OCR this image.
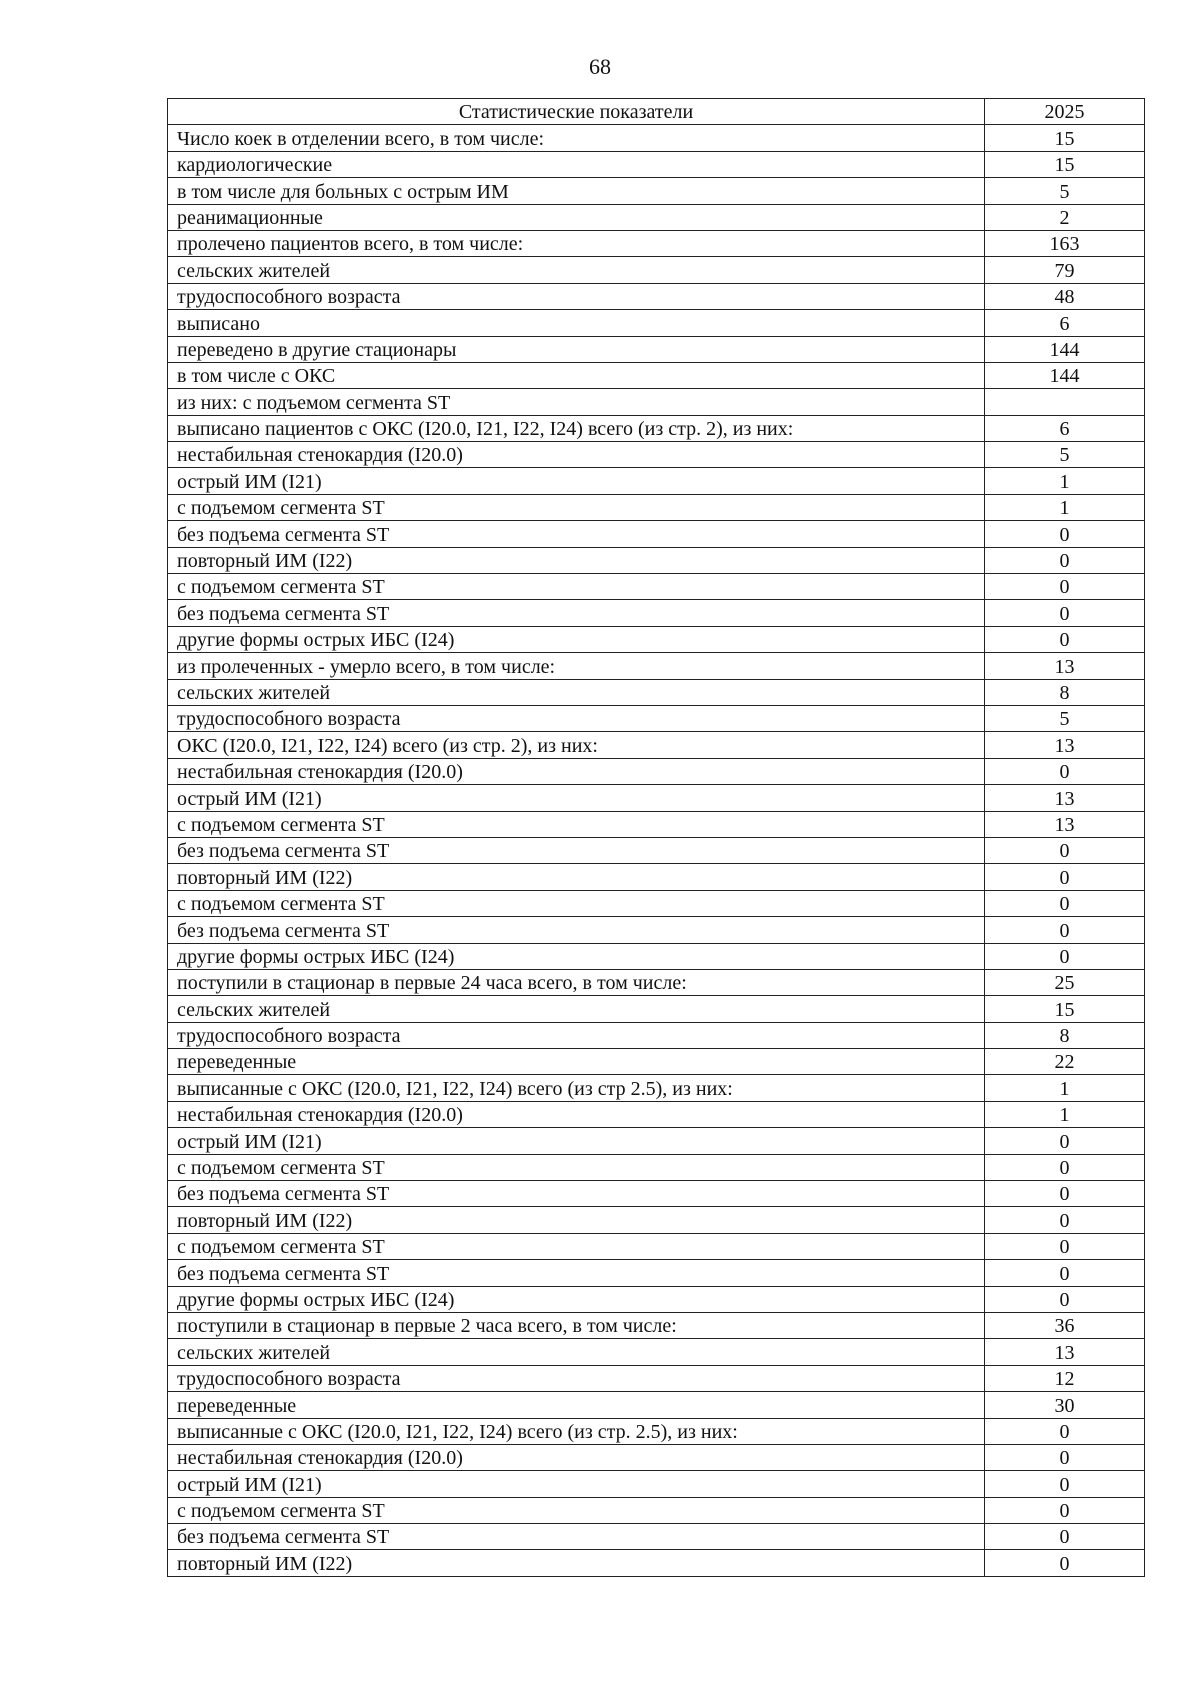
68
Статистические показатели	2025
Число коек в отделении всего, в том числе:	15
кардиологические	15
в том числе для больных с острым ИМ	5
реанимационные	2
пролечено пациентов всего, в том числе:	163
сельских жителей	79
трудоспособного возраста	48
выписано	6
переведено в другие стационары	144
в том числе с ОКС	144
из них: с подъемом сегмента ST	
выписано пациентов с ОКС (I20.0, I21, I22, I24) всего (из стр. 2), из них:	6
нестабильная стенокардия (I20.0)	5
острый ИМ (I21)	1
с подъемом сегмента ST	1
без подъема сегмента ST	0
повторный ИМ (I22)	0
с подъемом сегмента ST	0
без подъема сегмента ST	0
другие формы острых ИБС (I24)	0
из пролеченных - умерло всего, в том числе:	13
сельских жителей	8
трудоспособного возраста	5
ОКС (I20.0, I21, I22, I24) всего (из стр. 2), из них:	13
нестабильная стенокардия (I20.0)	0
острый ИМ (I21)	13
с подъемом сегмента ST	13
без подъема сегмента ST	0
повторный ИМ (I22)	0
с подъемом сегмента ST	0
без подъема сегмента ST	0
другие формы острых ИБС (I24)	0
поступили в стационар в первые 24 часа всего, в том числе:	25
сельских жителей	15
трудоспособного возраста	8
переведенные	22
выписанные с ОКС (I20.0, I21, I22, I24) всего (из стр 2.5), из них:	1
нестабильная стенокардия (I20.0)	1
острый ИМ (I21)	0
с подъемом сегмента ST	0
без подъема сегмента ST	0
повторный ИМ (I22)	0
с подъемом сегмента ST	0
без подъема сегмента ST	0
другие формы острых ИБС (I24)	0
поступили в стационар в первые 2 часа всего, в том числе:	36
сельских жителей	13
трудоспособного возраста	12
переведенные	30
выписанные с ОКС (I20.0, I21, I22, I24) всего (из стр. 2.5), из них:	0
нестабильная стенокардия (I20.0)	0
острый ИМ (I21)	0
с подъемом сегмента ST	0
без подъема сегмента ST	0
повторный ИМ (I22)	0
